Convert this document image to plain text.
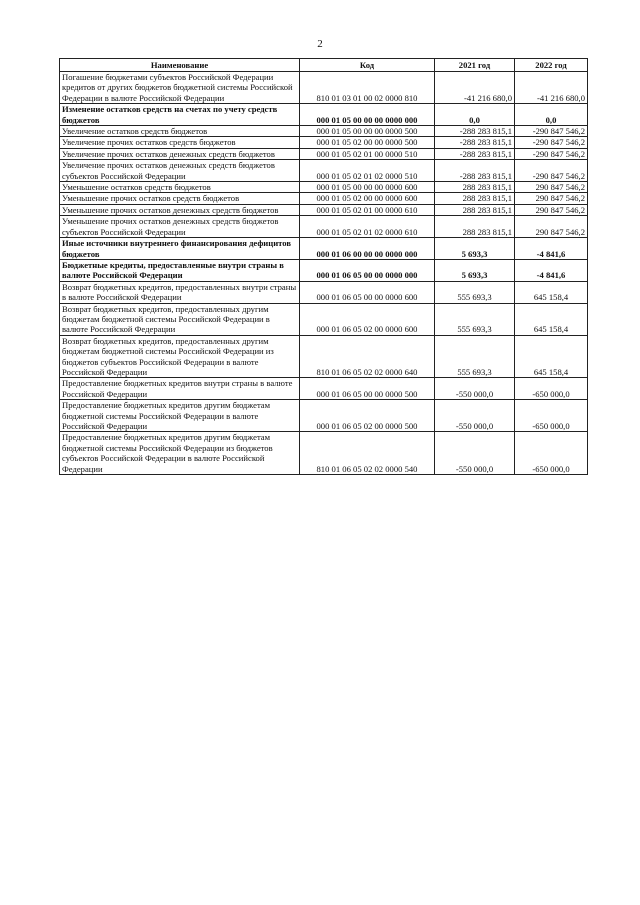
2
Наименование	Код	2021 год	2022 год
Погашение бюджетами субъектов Российской Федерации кредитов от других бюджетов бюджетной системы Российской Федерации в валюте Российской Федерации	810 01 03 01 00 02 0000 810	-41 216 680,0	-41 216 680,0
Изменение остатков средств на счетах по учету средств бюджетов	000 01 05 00 00 00 0000 000	0,0	0,0
Увеличение остатков средств бюджетов	000 01 05 00 00 00 0000 500	-288 283 815,1	-290 847 546,2
Увеличение прочих остатков средств бюджетов	000 01 05 02 00 00 0000 500	-288 283 815,1	-290 847 546,2
Увеличение прочих остатков денежных средств бюджетов	000 01 05 02 01 00 0000 510	-288 283 815,1	-290 847 546,2
Увеличение прочих остатков денежных средств бюджетов субъектов Российской Федерации	000 01 05 02 01 02 0000 510	-288 283 815,1	-290 847 546,2
Уменьшение остатков средств бюджетов	000 01 05 00 00 00 0000 600	288 283 815,1	290 847 546,2
Уменьшение прочих остатков средств бюджетов	000 01 05 02 00 00 0000 600	288 283 815,1	290 847 546,2
Уменьшение прочих остатков денежных средств бюджетов	000 01 05 02 01 00 0000 610	288 283 815,1	290 847 546,2
Уменьшение прочих остатков денежных средств бюджетов субъектов Российской Федерации	000 01 05 02 01 02 0000 610	288 283 815,1	290 847 546,2
Иные источники внутреннего финансирования дефицитов бюджетов	000 01 06 00 00 00 0000 000	5 693,3	-4 841,6
Бюджетные кредиты, предоставленные внутри страны в валюте Российской Федерации	000 01 06 05 00 00 0000 000	5 693,3	-4 841,6
Возврат бюджетных кредитов, предоставленных внутри страны в валюте Российской Федерации	000 01 06 05 00 00 0000 600	555 693,3	645 158,4
Возврат бюджетных кредитов, предоставленных другим бюджетам бюджетной системы Российской Федерации в валюте Российской Федерации	000 01 06 05 02 00 0000 600	555 693,3	645 158,4
Возврат бюджетных кредитов, предоставленных другим бюджетам бюджетной системы Российской Федерации из бюджетов субъектов Российской Федерации в валюте Российской Федерации	810 01 06 05 02 02 0000 640	555 693,3	645 158,4
Предоставление бюджетных кредитов внутри страны в валюте Российской Федерации	000 01 06 05 00 00 0000 500	-550 000,0	-650 000,0
Предоставление бюджетных кредитов другим бюджетам бюджетной системы Российской Федерации в валюте Российской Федерации	000 01 06 05 02 00 0000 500	-550 000,0	-650 000,0
Предоставление бюджетных кредитов другим бюджетам бюджетной системы Российской Федерации из бюджетов субъектов Российской Федерации в валюте Российской Федерации	810 01 06 05 02 02 0000 540	-550 000,0	-650 000,0
